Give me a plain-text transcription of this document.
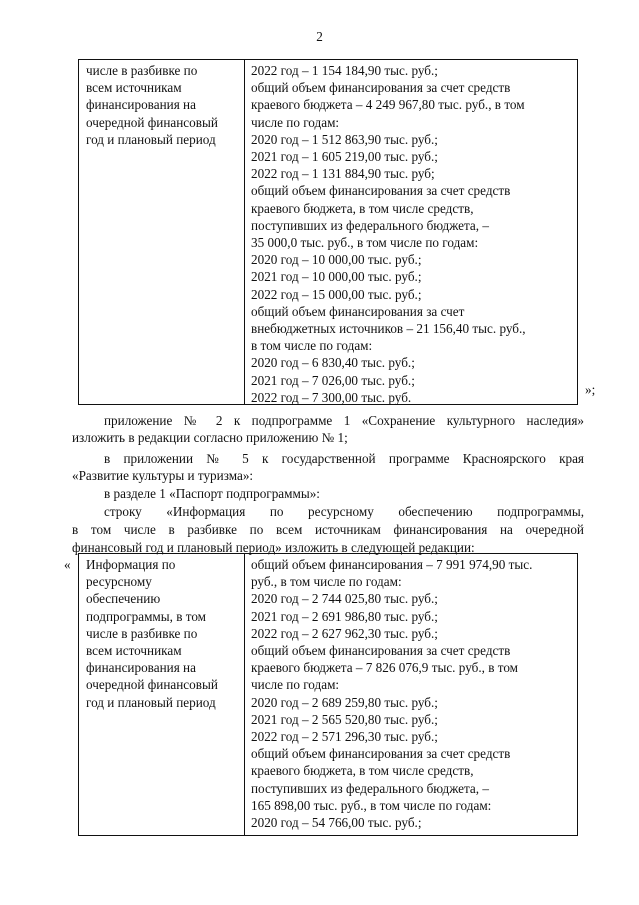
2
числе в разбивке по
всем источникам
финансирования на
очередной финансовый
год и плановый период
2022 год – 1 154 184,90 тыс. руб.;
общий объем финансирования за счет средств
краевого бюджета – 4 249 967,80 тыс. руб., в том
числе по годам:
2020 год – 1 512 863,90 тыс. руб.;
2021 год – 1 605 219,00 тыс. руб.;
2022 год – 1 131 884,90 тыс. руб;
общий объем финансирования за счет средств
краевого бюджета, в том числе средств,
поступивших из федерального бюджета, –
35 000,0 тыс. руб., в том числе по годам:
2020 год – 10 000,00 тыс. руб.;
2021 год – 10 000,00 тыс. руб.;
2022 год – 15 000,00 тыс. руб.;
общий объем финансирования за счет
внебюджетных источников – 21 156,40 тыс. руб.,
в том числе по годам:
2020 год – 6 830,40 тыс. руб.;
2021 год – 7 026,00 тыс. руб.;
2022 год – 7 300,00 тыс. руб.
»;
приложение № 2 к подпрограмме 1 «Сохранение культурного наследия»
изложить в редакции согласно приложению № 1;
в приложении № 5 к государственной программе Красноярского края
«Развитие культуры и туризма»:
в разделе 1 «Паспорт подпрограммы»:
строку «Информация по ресурсному обеспечению подпрограммы,
в том числе в разбивке по всем источникам финансирования на очередной
финансовый год и плановый период» изложить в следующей редакции:
« Информация по
ресурсному
обеспечению
подпрограммы, в том
числе в разбивке по
всем источникам
финансирования на
очередной финансовый
год и плановый период
общий объем финансирования – 7 991 974,90 тыс.
руб., в том числе по годам:
2020 год – 2 744 025,80 тыс. руб.;
2021 год – 2 691 986,80 тыс. руб.;
2022 год – 2 627 962,30 тыс. руб.;
общий объем финансирования за счет средств
краевого бюджета – 7 826 076,9 тыс. руб., в том
числе по годам:
2020 год – 2 689 259,80 тыс. руб.;
2021 год – 2 565 520,80 тыс. руб.;
2022 год – 2 571 296,30 тыс. руб.;
общий объем финансирования за счет средств
краевого бюджета, в том числе средств,
поступивших из федерального бюджета, –
165 898,00 тыс. руб., в том числе по годам:
2020 год – 54 766,00 тыс. руб.;
